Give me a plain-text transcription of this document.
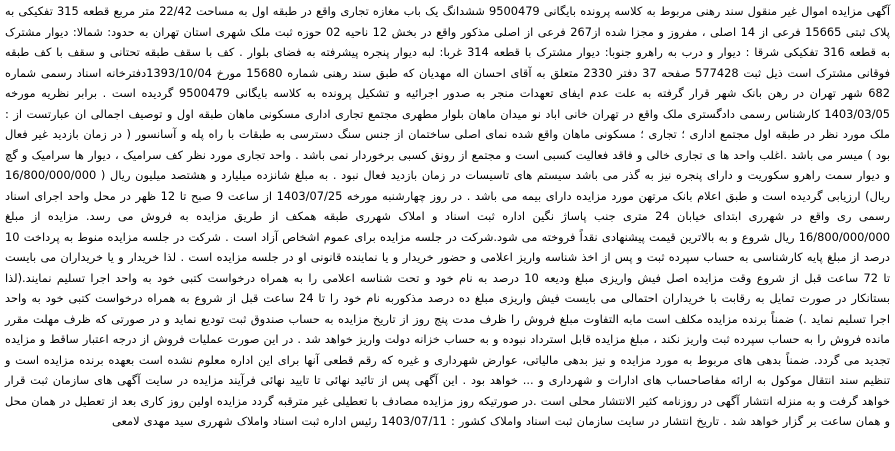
آگهی مزایده اموال غیر منقول سند رهنی مربوط به کلاسه پرونده بایگانی 9500479 ششدانگ یک باب مغازه تجاری واقع در طبقه اول به مساحت 22/42 متر مربع قطعه 315 تفکیکی به پلاک ثبتی 15665 فرعی از 14 اصلی ، مفروز و مجزا شده از267 فرعی از اصلی مذکور واقع در بخش 12 ناحیه 02 حوزه ثبت ملک شهری استان تهران به حدود: شمالا: دیوار مشترک به قطعه 316 تفکیکی شرقا : دیوار و درب به راهرو جنوبا: دیوار مشترک با قطعه 314 غربا: لبه دیوار پنجره پیشرفته به فضای بلوار . کف با سقف طبقه تحتانی و سقف با کف طبقه فوقانی مشترک است ذیل ثبت 577428 صفحه 37 دفتر 2330 متعلق به آقای احسان اله مهدیان که طبق سند رهنی شماره 15680 مورخ 1393/10/04دفترخانه اسناد رسمی شماره 682 شهر تهران در رهن بانک شهر قرار گرفته به علت عدم ایفای تعهدات منجر به صدور اجرائیه و تشکیل پرونده به کلاسه بایگانی 9500479 گردیده است . برابر نظریه مورخه 1403/03/05 کارشناس رسمی دادگستری ملک واقع در تهران خانی اباد نو میدان ماهان بلوار مطهری مجتمع تجاری اداری مسکونی ماهان طبقه اول و توصیف اجمالی ان عبارتست از : ملک مورد نظر در طبقه اول مجتمع اداری ؛ تجاری ؛ مسکونی ماهان واقع شده نمای اصلی ساختمان از جنس سنگ دسترسی به طبقات با راه پله و آسانسور ( در زمان بازدید غیر فعال بود ) میسر می باشد .اغلب واحد ها ی تجاری خالی و فاقد فعالیت کسبی است و مجتمع از رونق کسبی برخوردار نمی باشد . واحد تجاری مورد نظر کف سرامیک ، دیوار ها سرامیک و گچ و دیوار سمت راهرو سکوریت و دارای پنجره نیز به گذر می باشد سیستم های تاسیسات در زمان بازدید فعال نبود . به مبلغ شانزده میلیارد و هشتصد میلیون ریال ( 16/800/000/000 ریال) ارزیابی گردیده است و طبق اعلام بانک مرتهن مورد مزایده دارای بیمه می باشد . در روز چهارشنبه مورخه 1403/07/25 از ساعت 9 صبح تا 12 ظهر در محل واحد اجرای اسناد رسمی ری واقع در شهرری ابتدای خیابان 24 متری جنب پاساژ نگین اداره ثبت اسناد و املاک شهرری طبقه همکف از طریق مزایده به فروش می رسد. مزایده از مبلغ 16/800/000/000 ریال شروع و به بالاترین قیمت پیشنهادی نقداً فروخته می شود.شرکت در جلسه مزایده برای عموم اشخاص آزاد است . شرکت در جلسه مزایده منوط به پرداخت 10 درصد از مبلغ پایه کارشناسی به حساب سپرده ثبت و پس از اخذ شناسه واریز اعلامی و حضور خریدار و یا نماینده قانونی او در جلسه مزایده است . لذا خریدار و یا خریداران می بایست تا 72 ساعت قبل از شروع وقت مزایده اصل فیش واریزی مبلغ ودیعه 10 درصد به نام خود و تحت شناسه اعلامی را به همراه درخواست کتبی خود به واحد اجرا تسلیم نمایند.(لذا بستانکار در صورت تمایل به رقابت با خریداران احتمالی می بایست فیش واریزی مبلغ ده درصد مذکوربه نام خود را تا 24 ساعت قبل از شروع به همراه درخواست کتبی خود به واحد اجرا تسلیم نماید .) ضمناً برنده مزایده مکلف است مابه التفاوت مبلغ فروش را ظرف مدت پنج روز از تاریخ مزایده به حساب صندوق ثبت تودیع نماید و در صورتی که ظرف مهلت مقرر مانده فروش را به حساب سپرده ثبت واریز نکند ، مبلغ مزایده قابل استرداد نبوده و به حساب خزانه دولت واریز خواهد شد . در این صورت عملیات فروش از درجه اعتبار ساقط و مزایده تجدید می گردد. ضمناً بدهی های مربوط به مورد مزایده و نیز بدهی مالیاتی، عوارض شهرداری و غیره که رقم قطعی آنها برای این اداره معلوم نشده است بعهده برنده مزایده است و تنظیم سند انتقال موکول به ارائه مفاصاحساب های ادارات و شهرداری و ... خواهد بود . این آگهی پس از تائید نهائی تا تایید نهائی فرآیند مزایده در سایت آگهی های سازمان ثبت قرار خواهد گرفت و به منزله انتشار آگهی در روزنامه کثیر الانتشار محلی است .در صورتیکه روز مزایده مصادف با تعطیلی غیر مترقبه گردد مزایده اولین روز کاری بعد از تعطیل در همان محل و همان ساعت بر گزار خواهد شد . تاریخ انتشار در سایت سازمان ثبت اسناد واملاک کشور : 1403/07/11 رئیس اداره ثبت اسناد واملاک شهرری سید مهدی لامعی
